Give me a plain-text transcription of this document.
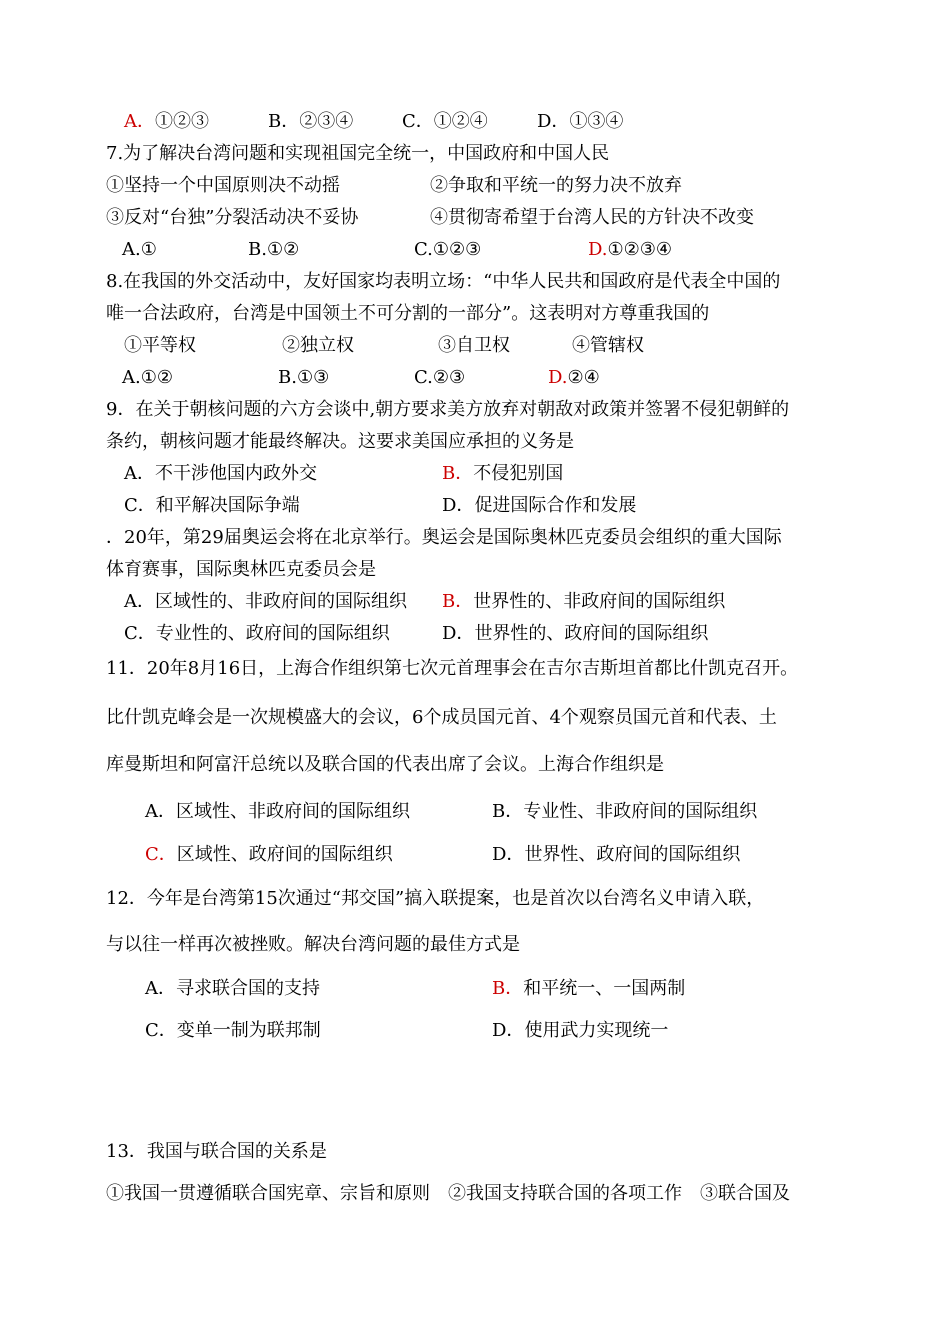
A．①②③	B．②③④	C．①②④	D．①③④
7.为了解决台湾问题和实现祖国完全统一，中国政府和中国人民
①坚持一个中国原则决不动摇	②争取和平统一的努力决不放弃
③反对“台独”分裂活动决不妥协	④贯彻寄希望于台湾人民的方针决不改变
A.①	B.①②	C.①②③	D.①②③④
8.在我国的外交活动中，友好国家均表明立场：“中华人民共和国政府是代表全中国的
唯一合法政府，台湾是中国领土不可分割的一部分”。这表明对方尊重我国的
①平等权	②独立权	③自卫权	④管辖权
A.①②	B.①③	C.②③	D.②④
9．在关于朝核问题的六方会谈中,朝方要求美方放弃对朝敌对政策并签署不侵犯朝鲜的
条约，朝核问题才能最终解决。这要求美国应承担的义务是
A．不干涉他国内政外交	B．不侵犯别国
C．和平解决国际争端	D．促进国际合作和发展
．20年，第29届奥运会将在北京举行。奥运会是国际奥林匹克委员会组织的重大国际
体育赛事，国际奥林匹克委员会是
A．区域性的、非政府间的国际组织 B．世界性的、非政府间的国际组织
C．专业性的、政府间的国际组织	D．世界性的、政府间的国际组织
11．20年8月16日，上海合作组织第七次元首理事会在吉尔吉斯坦首都比什凯克召开。
比什凯克峰会是一次规模盛大的会议，6个成员国元首、4个观察员国元首和代表、土
库曼斯坦和阿富汗总统以及联合国的代表出席了会议。上海合作组织是
A．区域性、非政府间的国际组织	B．专业性、非政府间的国际组织
C．区域性、政府间的国际组织	D．世界性、政府间的国际组织
12．今年是台湾第15次通过“邦交国”搞入联提案，也是首次以台湾名义申请入联，
与以往一样再次被挫败。解决台湾问题的最佳方式是
A．寻求联合国的支持	B．和平统一、一国两制
C．变单一制为联邦制	D．使用武力实现统一
13．我国与联合国的关系是
①我国一贯遵循联合国宪章、宗旨和原则　②我国支持联合国的各项工作　③联合国及
